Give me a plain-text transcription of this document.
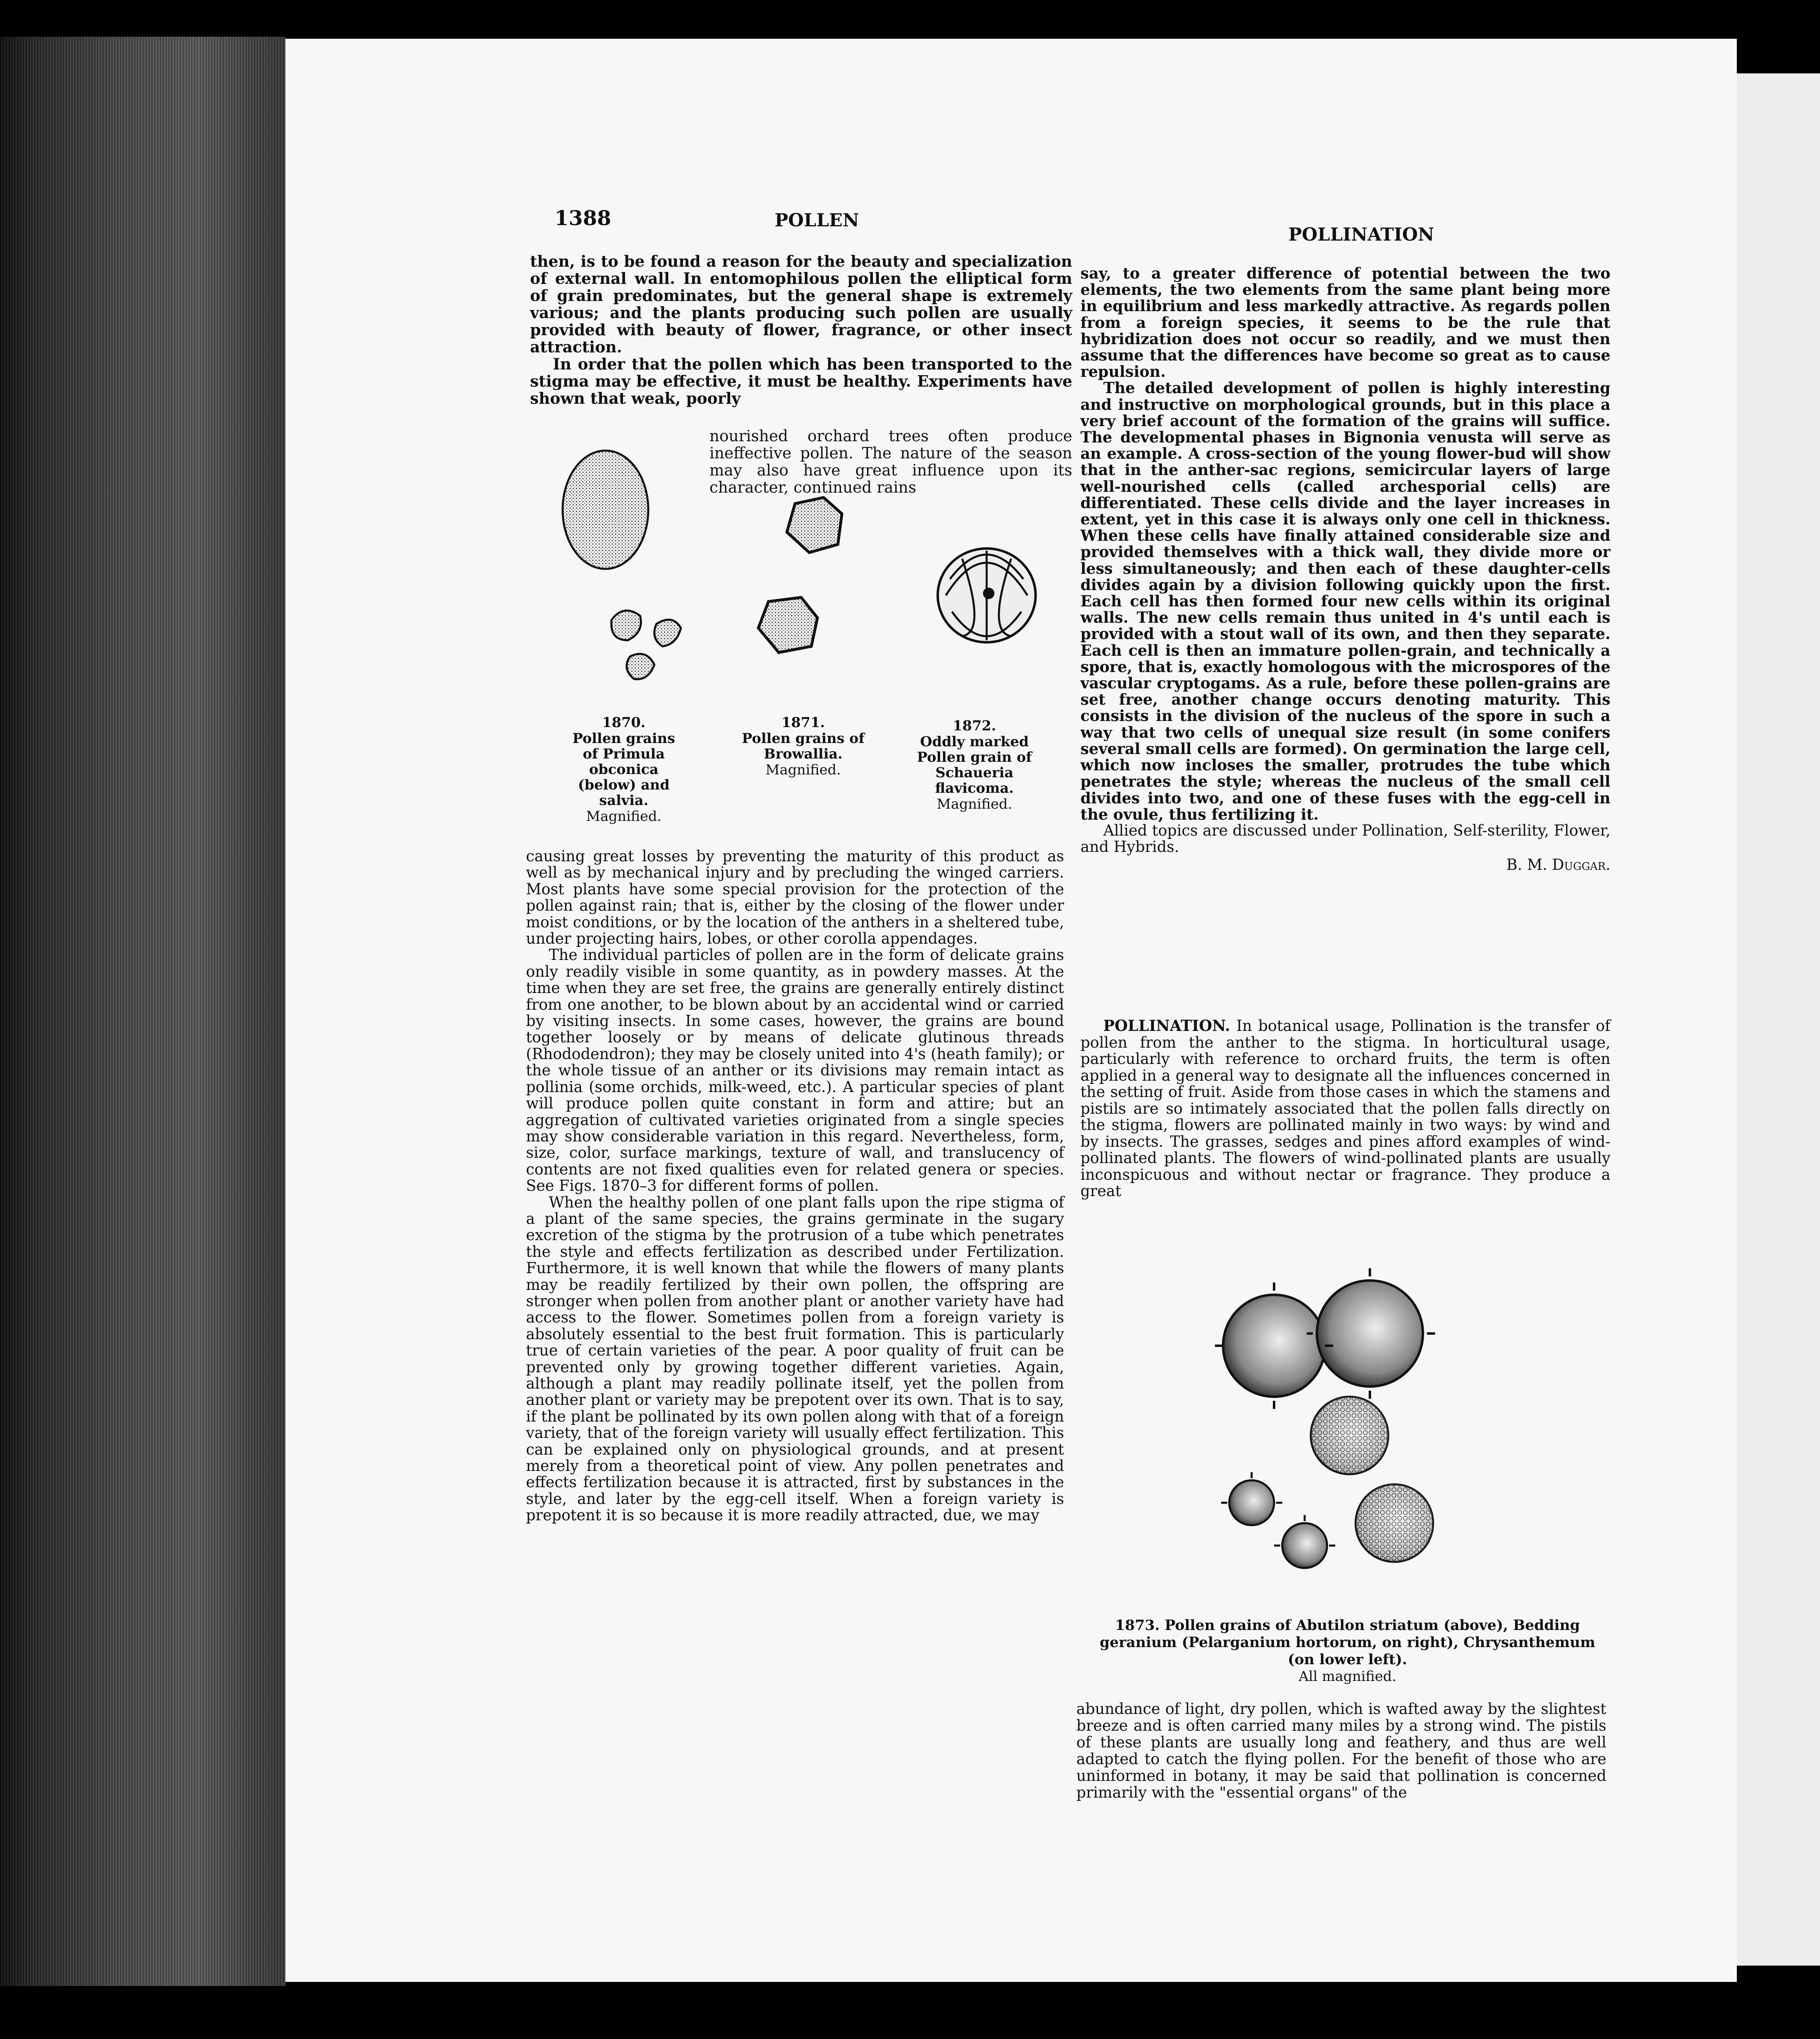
1388	POLLEN
POLLINATION

then, is to be found a reason for the beauty and specialization of external wall. In entomophilous pollen the elliptical form of grain predominates, but the general shape is extremely various; and the plants producing such pollen are usually provided with beauty of flower, fragrance, or other insect attraction.

In order that the pollen which has been transported to the stigma may be effective, it must be healthy. Experiments have shown that weak, poorly

nourished orchard trees often produce ineffective pollen. The nature of the season may also have great influence upon its character, continued rains
1870.
Pollen grains of Primula obconica (below) and salvia.
Magnified.
1871.
Pollen grains of Browallia.
Magnified.
1872.
Oddly marked Pollen grain of Schaueria flavicoma.
Magnified.

causing great losses by preventing the maturity of this product as well as by mechanical injury and by precluding the winged carriers. Most plants have some special provision for the protection of the pollen against rain; that is, either by the closing of the flower under moist conditions, or by the location of the anthers in a sheltered tube, under projecting hairs, lobes, or other corolla appendages.

The individual particles of pollen are in the form of delicate grains only readily visible in some quantity, as in powdery masses. At the time when they are set free, the grains are generally entirely distinct from one another, to be blown about by an accidental wind or carried by visiting insects. In some cases, however, the grains are bound together loosely or by means of delicate glutinous threads (Rhododendron); they may be closely united into 4's (heath family); or the whole tissue of an anther or its divisions may remain intact as pollinia (some orchids, milk-weed, etc.). A particular species of plant will produce pollen quite constant in form and attire; but an aggregation of cultivated varieties originated from a single species may show considerable variation in this regard. Nevertheless, form, size, color, surface markings, texture of wall, and translucency of contents are not fixed qualities even for related genera or species. See Figs. 1870–3 for different forms of pollen.

When the healthy pollen of one plant falls upon the ripe stigma of a plant of the same species, the grains germinate in the sugary excretion of the stigma by the protrusion of a tube which penetrates the style and effects fertilization as described under Fertilization. Furthermore, it is well known that while the flowers of many plants may be readily fertilized by their own pollen, the offspring are stronger when pollen from another plant or another variety have had access to the flower. Sometimes pollen from a foreign variety is absolutely essential to the best fruit formation. This is particularly true of certain varieties of the pear. A poor quality of fruit can be prevented only by growing together different varieties. Again, although a plant may readily pollinate itself, yet the pollen from another plant or variety may be prepotent over its own. That is to say, if the plant be pollinated by its own pollen along with that of a foreign variety, that of the foreign variety will usually effect fertilization. This can be explained only on physiological grounds, and at present merely from a theoretical point of view. Any pollen penetrates and effects fertilization because it is attracted, first by substances in the style, and later by the egg-cell itself. When a foreign variety is prepotent it is so because it is more readily attracted, due, we may

say, to a greater difference of potential between the two elements, the two elements from the same plant being more in equilibrium and less markedly attractive. As regards pollen from a foreign species, it seems to be the rule that hybridization does not occur so readily, and we must then assume that the differences have become so great as to cause repulsion.

The detailed development of pollen is highly interesting and instructive on morphological grounds, but in this place a very brief account of the formation of the grains will suffice. The developmental phases in Bignonia venusta will serve as an example. A cross-section of the young flower-bud will show that in the anther-sac regions, semicircular layers of large well-nourished cells (called archesporial cells) are differentiated. These cells divide and the layer increases in extent, yet in this case it is always only one cell in thickness. When these cells have finally attained considerable size and provided themselves with a thick wall, they divide more or less simultaneously; and then each of these daughter-cells divides again by a division following quickly upon the first. Each cell has then formed four new cells within its original walls. The new cells remain thus united in 4's until each is provided with a stout wall of its own, and then they separate. Each cell is then an immature pollen-grain, and technically a spore, that is, exactly homologous with the microspores of the vascular cryptogams. As a rule, before these pollen-grains are set free, another change occurs denoting maturity. This consists in the division of the nucleus of the spore in such a way that two cells of unequal size result (in some conifers several small cells are formed). On germination the large cell, which now incloses the smaller, protrudes the tube which penetrates the style; whereas the nucleus of the small cell divides into two, and one of these fuses with the egg-cell in the ovule, thus fertilizing it.

Allied topics are discussed under Pollination, Self-sterility, Flower, and Hybrids.

B. M. Duggar.

POLLINATION. In botanical usage, Pollination is the transfer of pollen from the anther to the stigma. In horticultural usage, particularly with reference to orchard fruits, the term is often applied in a general way to designate all the influences concerned in the setting of fruit. Aside from those cases in which the stamens and pistils are so intimately associated that the pollen falls directly on the stigma, flowers are pollinated mainly in two ways: by wind and by insects. The grasses, sedges and pines afford examples of wind-pollinated plants. The flowers of wind-pollinated plants are usually inconspicuous and without nectar or fragrance. They produce a great

1873. Pollen grains of Abutilon striatum (above), Bedding geranium (Pelarganium hortorum, on right), Chrysanthemum (on lower left).
All magnified.

abundance of light, dry pollen, which is wafted away by the slightest breeze and is often carried many miles by a strong wind. The pistils of these plants are usually long and feathery, and thus are well adapted to catch the flying pollen. For the benefit of those who are uninformed in botany, it may be said that pollination is concerned primarily with the "essential organs" of the
